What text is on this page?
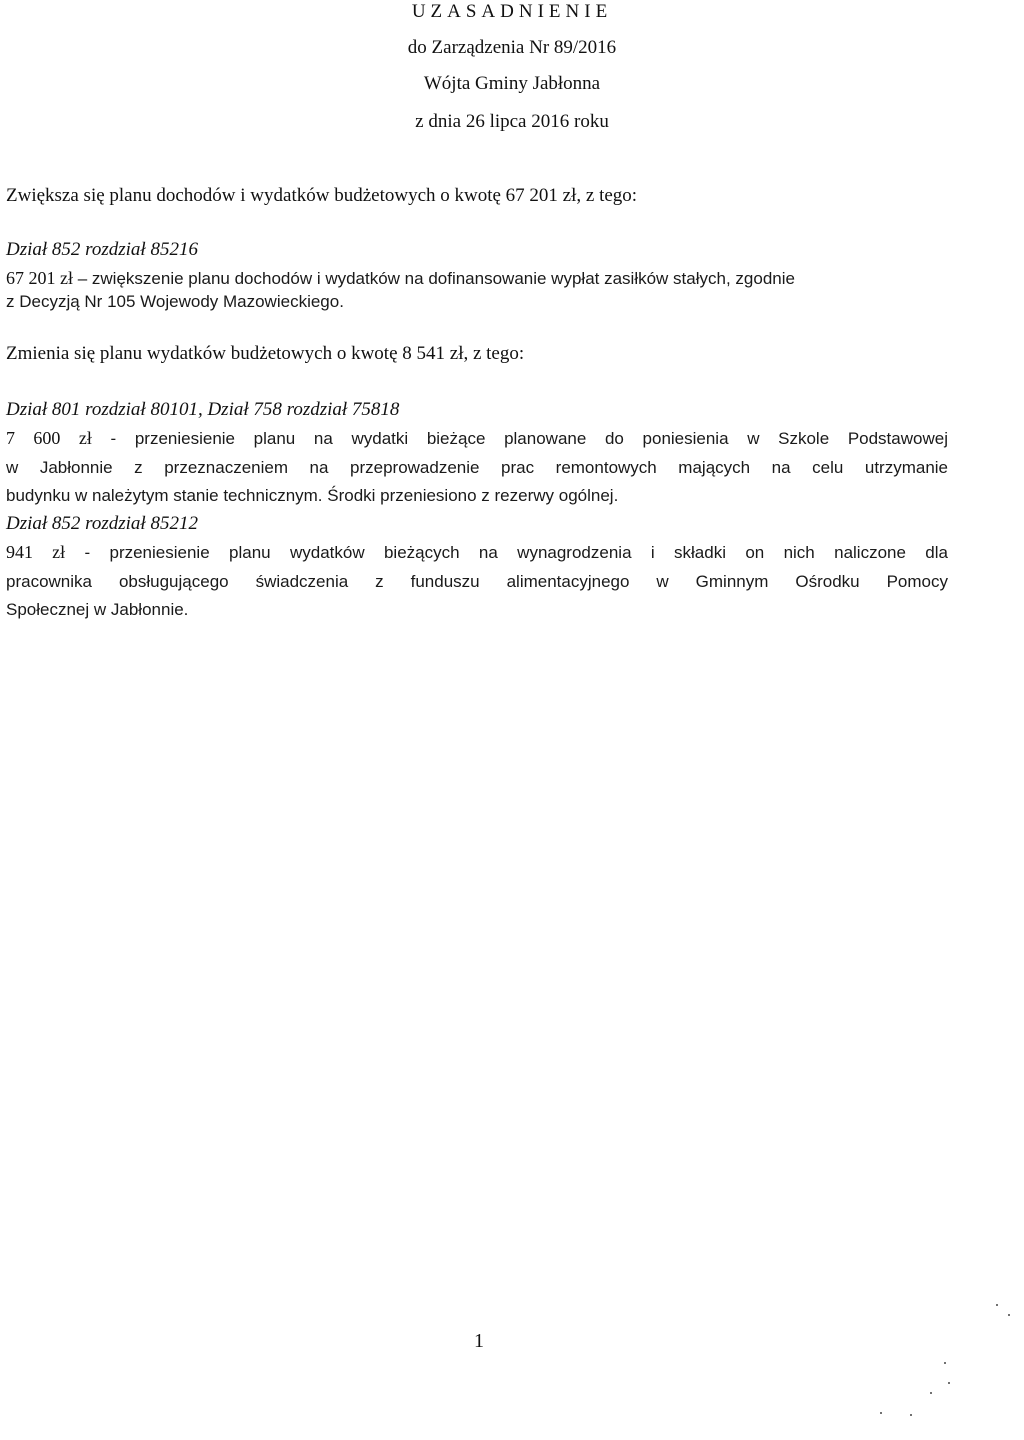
UZASADNIENIE
do Zarządzenia Nr 89/2016
Wójta Gminy Jabłonna
z dnia 26 lipca 2016 roku
Zwiększa się planu dochodów i wydatków budżetowych o kwotę 67 201 zł, z tego:
Dział 852 rozdział 85216
67 201 zł – zwiększenie planu dochodów i wydatków na dofinansowanie wypłat zasiłków stałych, zgodnie
z Decyzją Nr 105 Wojewody Mazowieckiego.
Zmienia się planu wydatków budżetowych o kwotę 8 541 zł, z tego:
Dział 801 rozdział 80101, Dział 758 rozdział 75818
7 600 zł - przeniesienie planu na wydatki bieżące planowane do poniesienia w Szkole Podstawowej
w Jabłonnie z przeznaczeniem na przeprowadzenie prac remontowych mających na celu utrzymanie
budynku w należytym stanie technicznym. Środki przeniesiono z rezerwy ogólnej.
Dział 852 rozdział 85212
941 zł - przeniesienie planu wydatków bieżących na wynagrodzenia i składki on nich naliczone dla
pracownika obsługującego świadczenia z funduszu alimentacyjnego w Gminnym Ośrodku Pomocy
Społecznej w Jabłonnie.
1
